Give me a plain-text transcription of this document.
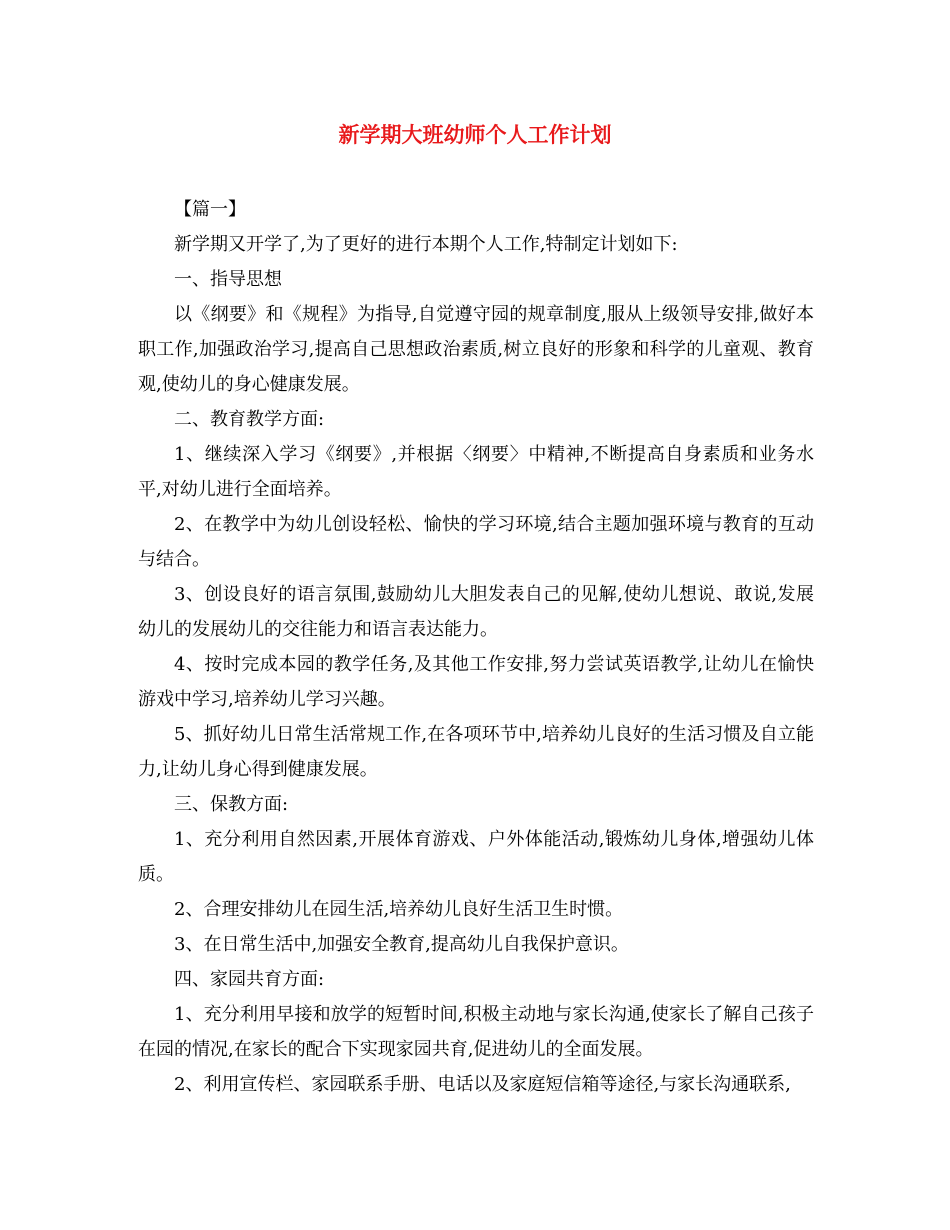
新学期大班幼师个人工作计划

【篇一】

新学期又开学了,为了更好的进行本期个人工作,特制定计划如下:

一、指导思想

以《纲要》和《规程》为指导,自觉遵守园的规章制度,服从上级领导安排,做好本职工作,加强政治学习,提高自己思想政治素质,树立良好的形象和科学的儿童观、教育观,使幼儿的身心健康发展。

二、教育教学方面:

1、继续深入学习《纲要》,并根据〈纲要〉中精神,不断提高自身素质和业务水平,对幼儿进行全面培养。

2、在教学中为幼儿创设轻松、愉快的学习环境,结合主题加强环境与教育的互动与结合。

3、创设良好的语言氛围,鼓励幼儿大胆发表自己的见解,使幼儿想说、敢说,发展幼儿的发展幼儿的交往能力和语言表达能力。

4、按时完成本园的教学任务,及其他工作安排,努力尝试英语教学,让幼儿在愉快游戏中学习,培养幼儿学习兴趣。

5、抓好幼儿日常生活常规工作,在各项环节中,培养幼儿良好的生活习惯及自立能力,让幼儿身心得到健康发展。

三、保教方面:

1、充分利用自然因素,开展体育游戏、户外体能活动,锻炼幼儿身体,增强幼儿体质。

2、合理安排幼儿在园生活,培养幼儿良好生活卫生时惯。

3、在日常生活中,加强安全教育,提高幼儿自我保护意识。

四、家园共育方面:

1、充分利用早接和放学的短暂时间,积极主动地与家长沟通,使家长了解自己孩子在园的情况,在家长的配合下实现家园共育,促进幼儿的全面发展。

2、利用宣传栏、家园联系手册、电话以及家庭短信箱等途径,与家长沟通联系,
